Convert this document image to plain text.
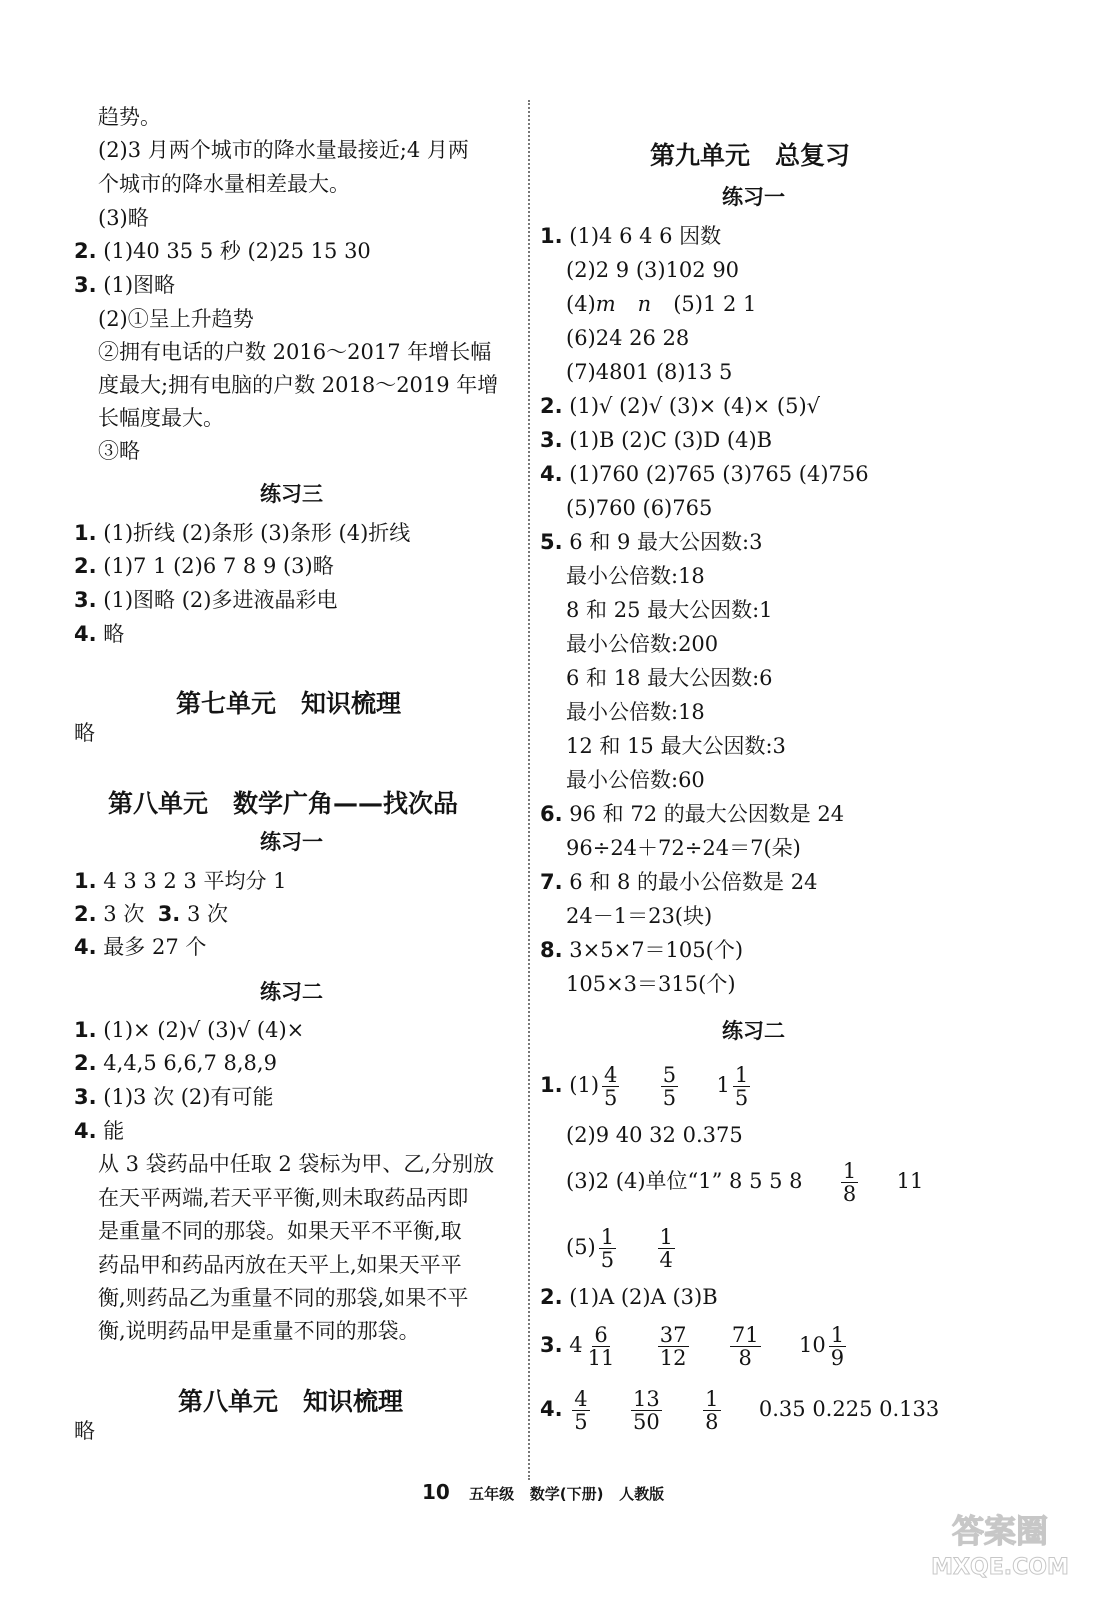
趋势。
(2)3 月两个城市的降水量最接近;4 月两
个城市的降水量相差最大。
(3)略
2. (1)40 35 5 秒 (2)25 15 30
3. (1)图略
(2)①呈上升趋势
②拥有电话的户数 2016～2017 年增长幅
度最大;拥有电脑的户数 2018～2019 年增
长幅度最大。
③略
练习三
1. (1)折线 (2)条形 (3)条形 (4)折线
2. (1)7 1 (2)6 7 8 9 (3)略
3. (1)图略 (2)多进液晶彩电
4. 略
第七单元　知识梳理
略
第八单元　数学广角——找次品
练习一
1. 4 3 3 2 3 平均分 1
2. 3 次 3. 3 次
4. 最多 27 个
练习二
1. (1)× (2)√ (3)√ (4)×
2. 4,4,5 6,6,7 8,8,9
3. (1)3 次 (2)有可能
4. 能
从 3 袋药品中任取 2 袋标为甲、乙,分别放
在天平两端,若天平平衡,则未取药品丙即
是重量不同的那袋。如果天平不平衡,取
药品甲和药品丙放在天平上,如果天平平
衡,则药品乙为重量不同的那袋,如果不平
衡,说明药品甲是重量不同的那袋。
第八单元　知识梳理
略
第九单元　总复习
练习一
1. (1)4 6 4 6 因数
(2)2 9 (3)102 90
(4)m n (5)1 2 1
(6)24 26 28
(7)4801 (8)13 5
2. (1)√ (2)√ (3)× (4)× (5)√
3. (1)B (2)C (3)D (4)B
4. (1)760 (2)765 (3)765 (4)756
(5)760 (6)765
5. 6 和 9 最大公因数:3
最小公倍数:18
8 和 25 最大公因数:1
最小公倍数:200
6 和 18 最大公因数:6
最小公倍数:18
12 和 15 最大公因数:3
最小公倍数:60
6. 96 和 72 的最大公因数是 24
96÷24＋72÷24＝7(朵)
7. 6 和 8 的最小公倍数是 24
24－1＝23(块)
8. 3×5×7＝105(个)
105×3＝315(个)
练习二
1. $(1) \frac{4}{5}$
$\frac{5}{5} 1 \frac{1}{5}$
(2)9 40 32 0.375
(3)2 (4)单位“1” 8 5 5 $8 \frac{1}{8} 11$
$(5) \frac{1}{5}$
$\frac{1}{4}$
2. (1)A (2)A (3)B
3. $4 \frac{6}{11}$
$\frac{37}{12}$
$\frac{71}{8} 10 \frac{1}{9}$
4. $\frac{4}{5}$
$\frac{13}{50}$
$\frac{1}{8} 0.35$ 0.225 0.133
10 五年级 数学(下册) 人教版
答案圈
MXQE.COM
